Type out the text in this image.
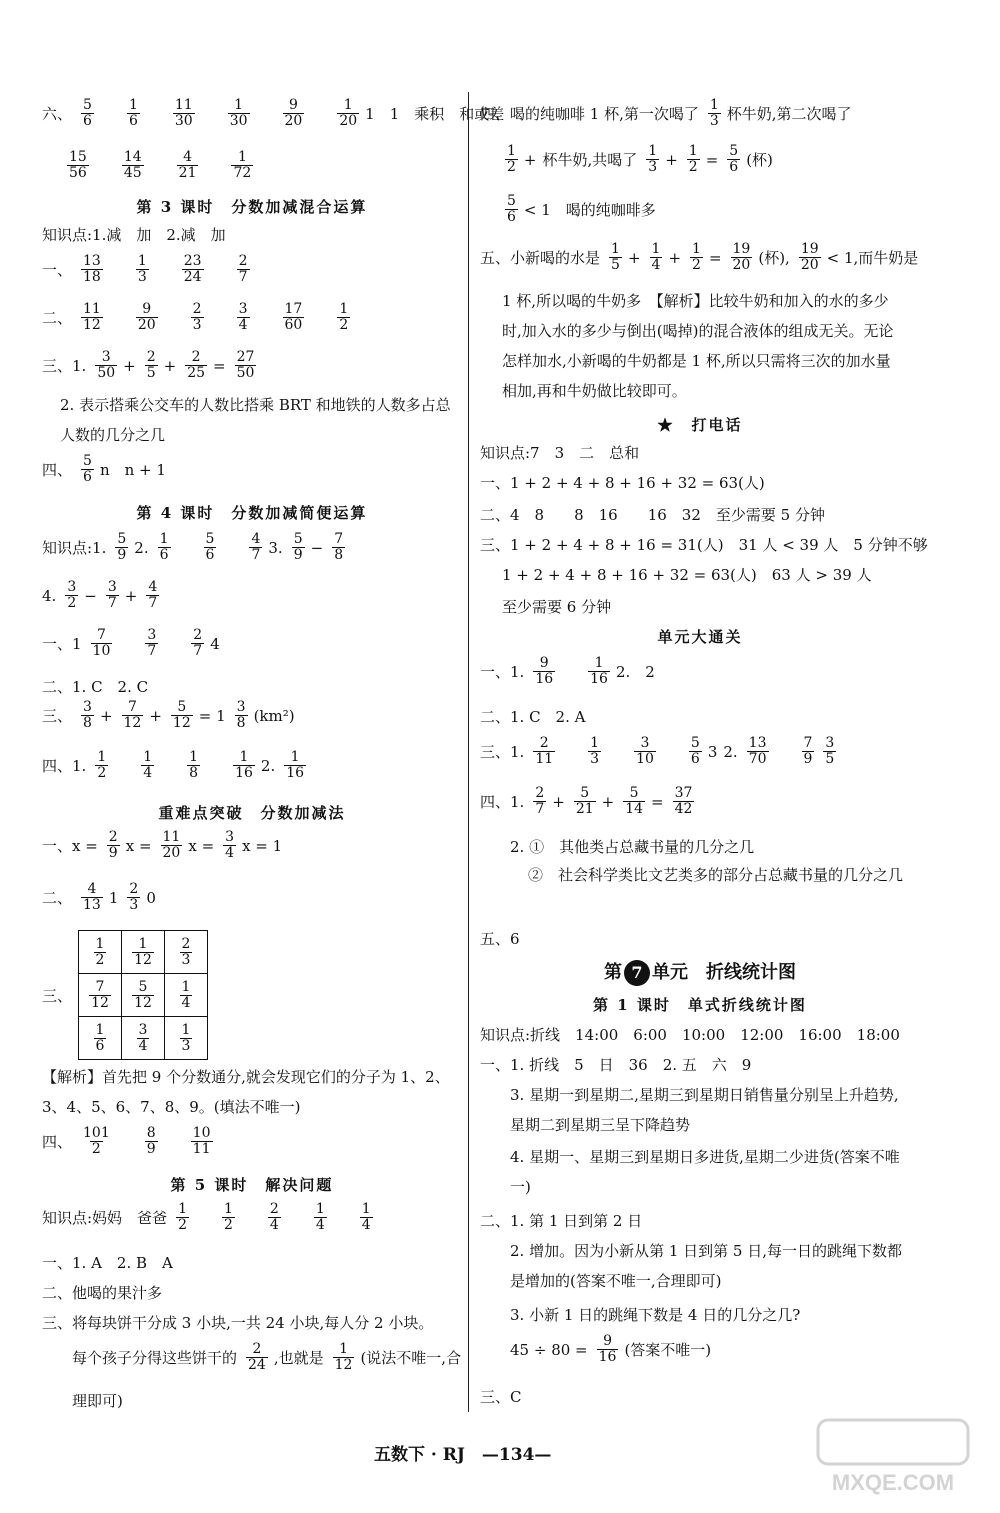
六、 $\frac{5}{6} \frac{1}{6} \frac{11}{30} \frac{1}{30} \frac{9}{20} \frac{1}{20} 1$　1　乘积　和或差
$\frac{15}{56} \frac{14}{45} \frac{4}{21} \frac{1}{72}$
第 3 课时　分数加减混合运算
知识点:1.减　加　2.减　加
一、 $\frac{13}{18} \frac{1}{3} \frac{23}{24} \frac{2}{7}$
二、 $\frac{11}{12} \frac{9}{20} \frac{2}{3} \frac{3}{4} \frac{17}{60} \frac{1}{2}$
三、1. $\frac{3}{50} + \frac{2}{5} + \frac{2}{25} = \frac{27}{50}$
2. 表示搭乘公交车的人数比搭乘 BRT 和地铁的人数多占总人数的几分之几
四、 $\frac{5}{6}$ n　n + 1
第 4 课时　分数加减简便运算
知识点:1. $\frac{5}{9} 2$. $\frac{1}{6} \frac{5}{6} \frac{4}{7} 3$. $\frac{5}{9} - \frac{7}{8}$
4. $\frac{3}{2} - \frac{3}{7} + \frac{4}{7}$
一、$1 \frac{7}{10} \frac{3}{7} \frac{2}{7} 4$
二、1. C　2. C
三、 $\frac{3}{8} + \frac{7}{12} + \frac{5}{12} = 1 \frac{3}{8} (km^2)$
四、1. $\frac{1}{2} \frac{1}{4} \frac{1}{8} \frac{1}{16} 2$. $\frac{1}{16}$
重难点突破　分数加减法
一、$x = \frac{2}{9}$ $x = \frac{11}{20}$ $x = \frac{3}{4}$ x = 1
二、 $\frac{4}{13} 1 \frac{2}{3} 0$
三、
$\frac{1}{2}$	$\frac{1}{12}$	$\frac{2}{3}$

$\frac{7}{12}$	$\frac{5}{12}$	$\frac{1}{4}$

$\frac{1}{6}$	$\frac{3}{4}$	$\frac{1}{3}$
【解析】首先把 9 个分数通分,就会发现它们的分子为 1、2、3、4、5、6、7、8、9。(填法不唯一)
四、 $\frac{101}{2} \frac{8}{9} \frac{10}{11}$
第 5 课时　解决问题
知识点:妈妈　爸爸 $\frac{1}{2} \frac{1}{2} \frac{2}{4} \frac{1}{4} \frac{1}{4}$
一、1. A　2. B　A
二、他喝的果汁多
三、将每块饼干分成 3 小块,一共 24 小块,每人分 2 小块。
每个孩子分得这些饼干的 $\frac{2}{24}$ ,也就是 $\frac{1}{12}$ (说法不唯一,合
理即可)
四、喝的纯咖啡 1 杯,第一次喝了 $\frac{1}{3}$ 杯牛奶,第二次喝了
$\frac{1}{2}$ + 杯牛奶,共喝了 $\frac{1}{3} + \frac{1}{2} = \frac{5}{6}$ (杯)
$\frac{5}{6} < 1$　喝的纯咖啡多
五、小新喝的水是 $\frac{1}{5} + \frac{1}{4} + \frac{1}{2} = \frac{19}{20}$ (杯), $\frac{19}{20} < 1$,而牛奶是
1 杯,所以喝的牛奶多　【解析】比较牛奶和加入的水的多少时,加入水的多少与倒出(喝掉)的混合液体的组成无关。无论怎样加水,小新喝的牛奶都是 1 杯,所以只需将三次的加水量相加,再和牛奶做比较即可。
★　打电话
知识点:7　3　二　总和
一、1 + 2 + 4 + 8 + 16 + 32 = 63(人)
二、4　8　　8　16　　16　32　至少需要 5 分钟
三、1 + 2 + 4 + 8 + 16 = 31(人)　31 人 < 39 人　5 分钟不够
1 + 2 + 4 + 8 + 16 + 32 = 63(人)　63 人 > 39 人
至少需要 6 分钟
单元大通关
一、1. $\frac{9}{16} \frac{1}{16} 2$.　2
二、1. C　2. A
三、1. $\frac{2}{11} \frac{1}{3} \frac{3}{10} \frac{5}{6} 3$ 2. $\frac{13}{70} \frac{7}{9} \frac{3}{5}$
四、1. $\frac{2}{7} + \frac{5}{21} + \frac{5}{14} = \frac{37}{42}$
2. ①　其他类占总藏书量的几分之几
②　社会科学类比文艺类多的部分占总藏书量的几分之几
五、6
第 7 单元　折线统计图
第 1 课时　单式折线统计图
知识点:折线　14:00　6:00　10:00　12:00　16:00　18:00
一、1. 折线　5　日　36　2. 五　六　9
3. 星期一到星期二,星期三到星期日销售量分别呈上升趋势,星期二到星期三呈下降趋势
4. 星期一、星期三到星期日多进货,星期二少进货(答案不唯一)
二、1. 第 1 日到第 2 日
2. 增加。因为小新从第 1 日到第 5 日,每一日的跳绳下数都是增加的(答案不唯一,合理即可)
3. 小新 1 日的跳绳下数是 4 日的几分之几?
$45 \div 80 = \frac{9}{16}$ (答案不唯一)
三、C
五数下 · RJ　—134—
MXQE.COM
